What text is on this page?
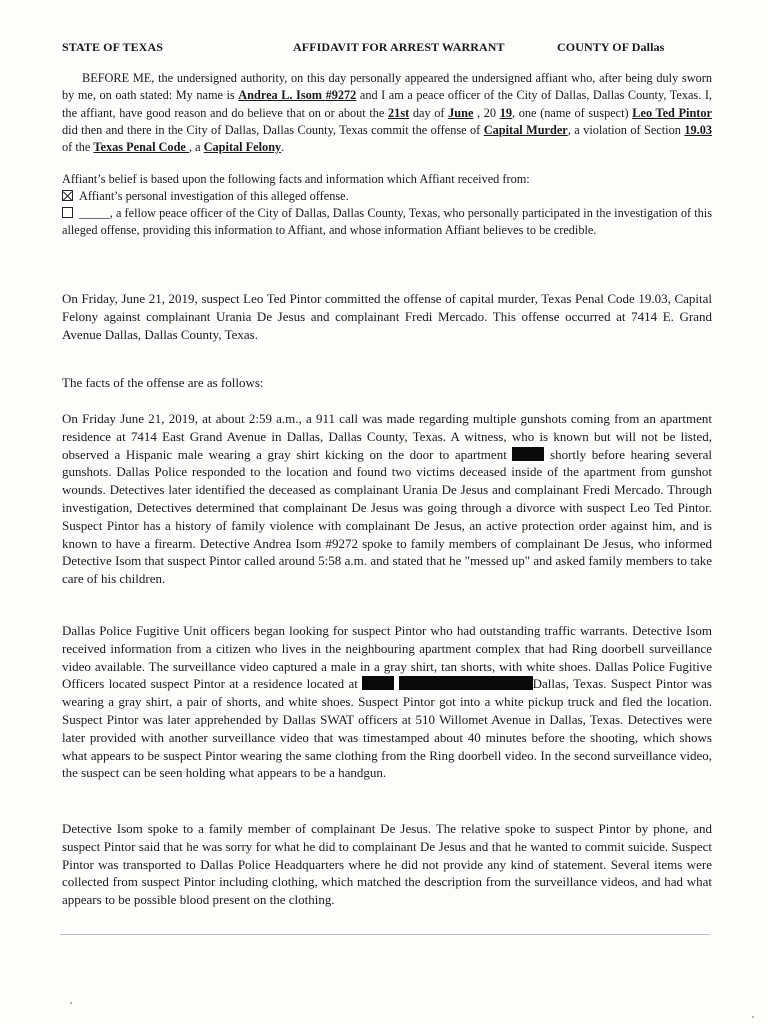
STATE OF TEXAS	AFFIDAVIT FOR ARREST WARRANT	COUNTY OF Dallas
BEFORE ME, the undersigned authority, on this day personally appeared the undersigned affiant who, after being duly sworn by me, on oath stated: My name is Andrea L. Isom #9272 and I am a peace officer of the City of Dallas, Dallas County, Texas. I, the affiant, have good reason and do believe that on or about the 21st day of June , 20 19, one (name of suspect) Leo Ted Pintor did then and there in the City of Dallas, Dallas County, Texas commit the offense of Capital Murder, a violation of Section 19.03 of the Texas Penal Code , a Capital Felony.
Affiant’s belief is based upon the following facts and information which Affiant received from:
Affiant’s personal investigation of this alleged offense.
_____, a fellow peace officer of the City of Dallas, Dallas County, Texas, who personally participated in the investigation of this alleged offense, providing this information to Affiant, and whose information Affiant believes to be credible.
On Friday, June 21, 2019, suspect Leo Ted Pintor committed the offense of capital murder, Texas Penal Code 19.03, Capital Felony against complainant Urania De Jesus and complainant Fredi Mercado. This offense occurred at 7414 E. Grand Avenue Dallas, Dallas County, Texas.
The facts of the offense are as follows:
On Friday June 21, 2019, at about 2:59 a.m., a 911 call was made regarding multiple gunshots coming from an apartment residence at 7414 East Grand Avenue in Dallas, Dallas County, Texas. A witness, who is known but will not be listed, observed a Hispanic male wearing a gray shirt kicking on the door to apartment	shortly before hearing several gunshots. Dallas Police responded to the location and found two victims deceased inside of the apartment from gunshot wounds. Detectives later identified the deceased as complainant Urania De Jesus and complainant Fredi Mercado. Through investigation, Detectives determined that complainant De Jesus was going through a divorce with suspect Leo Ted Pintor. Suspect Pintor has a history of family violence with complainant De Jesus, an active protection order against him, and is known to have a firearm. Detective Andrea Isom #9272 spoke to family members of complainant De Jesus, who informed Detective Isom that suspect Pintor called around 5:58 a.m. and stated that he "messed up" and asked family members to take care of his children.
Dallas Police Fugitive Unit officers began looking for suspect Pintor who had outstanding traffic warrants. Detective Isom received information from a citizen who lives in the neighbouring apartment complex that had Ring doorbell surveillance video available. The surveillance video captured a male in a gray shirt, tan shorts, with white shoes. Dallas Police Fugitive Officers located suspect Pintor at a residence located at	Dallas, Texas. Suspect Pintor was wearing a gray shirt, a pair of shorts, and white shoes. Suspect Pintor got into a white pickup truck and fled the location. Suspect Pintor was later apprehended by Dallas SWAT officers at 510 Willomet Avenue in Dallas, Texas. Detectives were later provided with another surveillance video that was timestamped about 40 minutes before the shooting, which shows what appears to be suspect Pintor wearing the same clothing from the Ring doorbell video. In the second surveillance video, the suspect can be seen holding what appears to be a handgun.
Detective Isom spoke to a family member of complainant De Jesus. The relative spoke to suspect Pintor by phone, and suspect Pintor said that he was sorry for what he did to complainant De Jesus and that he wanted to commit suicide. Suspect Pintor was transported to Dallas Police Headquarters where he did not provide any kind of statement. Several items were collected from suspect Pintor including clothing, which matched the description from the surveillance videos, and had what appears to be possible blood present on the clothing.
